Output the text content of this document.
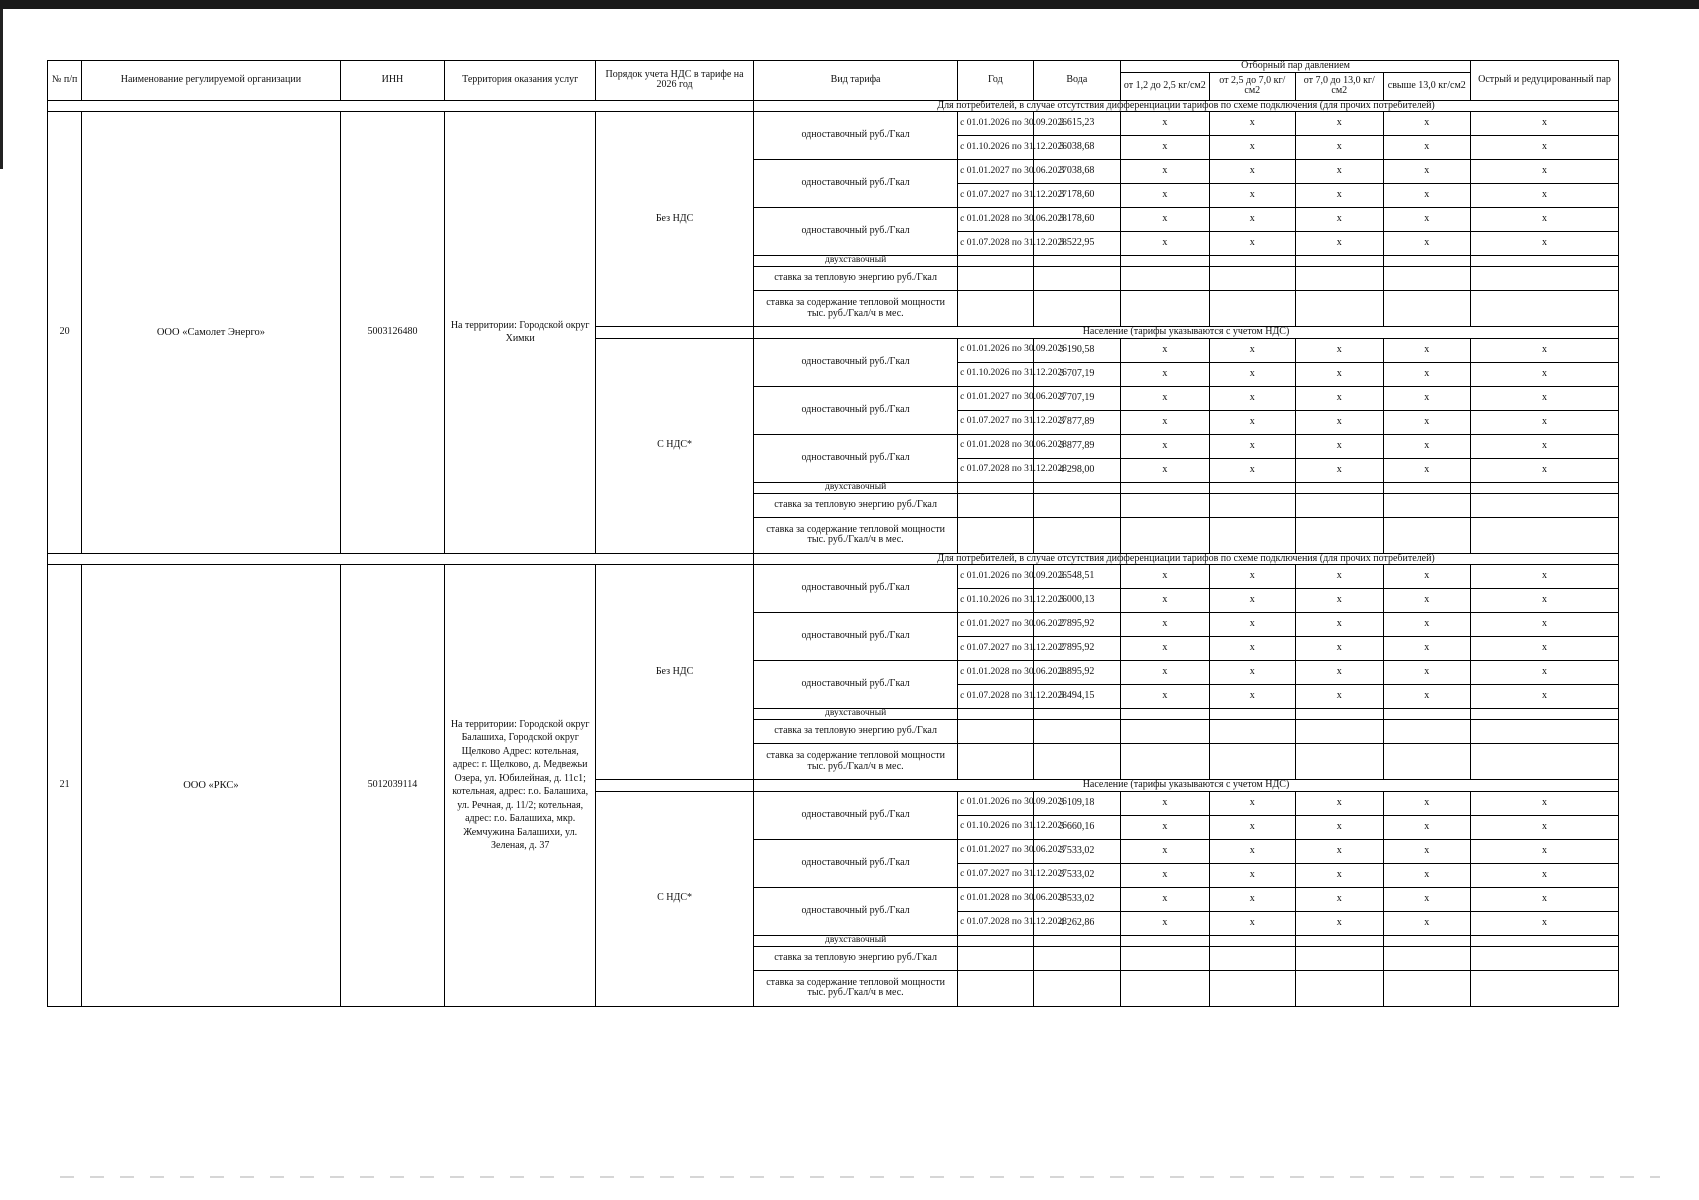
№ п/п	Наименование регулируемой организации	ИНН	Территория оказания услуг	Порядок учета НДС в тарифе на 2026 год	Вид тарифа	Год	Вода	Отборный пар давлением				Острый и редуцированный пар
								от 1,2 до 2,5 кг/см2	от 2,5 до 7,0 кг/см2	от 7,0 до 13,0 кг/см2	свыше 13,0 кг/см2	
					Для потребителей, в случае отсутствия дифференциации тарифов по схеме подключения (для прочих потребителей)							
20	ООО «Самолет Энерго»	5003126480	На территории: Городской округ Химки	Без НДС	одноставочный руб./Гкал	с 01.01.2026 по 30.09.2026	2 615,23	x	x	x	x	x
						с 01.10.2026 по 31.12.2026	3 038,68	x	x	x	x	x
					одноставочный руб./Гкал	с 01.01.2027 по 30.06.2027	3 038,68	x	x	x	x	x
						с 01.07.2027 по 31.12.2027	3 178,60	x	x	x	x	x
					одноставочный руб./Гкал	с 01.01.2028 по 30.06.2028	3 178,60	x	x	x	x	x
						с 01.07.2028 по 31.12.2028	3 522,95	x	x	x	x	x
					двухставочный							
					ставка за тепловую энергию руб./Гкал							
					ставка за содержание тепловой мощности тыс. руб./Гкал/ч в мес.							
					Население (тарифы указываются с учетом НДС)							
				С НДС*	одноставочный руб./Гкал	с 01.01.2026 по 30.09.2026	3 190,58	x	x	x	x	x
						с 01.10.2026 по 31.12.2026	3 707,19	x	x	x	x	x
					одноставочный руб./Гкал	с 01.01.2027 по 30.06.2027	3 707,19	x	x	x	x	x
						с 01.07.2027 по 31.12.2027	3 877,89	x	x	x	x	x
					одноставочный руб./Гкал	с 01.01.2028 по 30.06.2028	3 877,89	x	x	x	x	x
						с 01.07.2028 по 31.12.2028	4 298,00	x	x	x	x	x
					двухставочный							
					ставка за тепловую энергию руб./Гкал							
					ставка за содержание тепловой мощности тыс. руб./Гкал/ч в мес.							
					Для потребителей, в случае отсутствия дифференциации тарифов по схеме подключения (для прочих потребителей)							
21	ООО «РКС»	5012039114	На территории: Городской округ Балашиха, Городской округ Щелково Адрес: котельная, адрес: г. Щелково, д. Медвежьи Озера, ул. Юбилейная, д. 11с1; котельная, адрес: г.о. Балашиха, ул. Речная, д. 11/2; котельная, адрес: г.о. Балашиха, мкр. Жемчужина Балашихи, ул. Зеленая, д. 37	Без НДС	одноставочный руб./Гкал	с 01.01.2026 по 30.09.2026	2 548,51	x	x	x	x	x
						с 01.10.2026 по 31.12.2026	3 000,13	x	x	x	x	x
					одноставочный руб./Гкал	с 01.01.2027 по 30.06.2027	2 895,92	x	x	x	x	x
						с 01.07.2027 по 31.12.2027	2 895,92	x	x	x	x	x
					одноставочный руб./Гкал	с 01.01.2028 по 30.06.2028	2 895,92	x	x	x	x	x
						с 01.07.2028 по 31.12.2028	3 494,15	x	x	x	x	x
					двухставочный							
					ставка за тепловую энергию руб./Гкал							
					ставка за содержание тепловой мощности тыс. руб./Гкал/ч в мес.							
					Население (тарифы указываются с учетом НДС)							
				С НДС*	одноставочный руб./Гкал	с 01.01.2026 по 30.09.2026	3 109,18	x	x	x	x	x
						с 01.10.2026 по 31.12.2026	3 660,16	x	x	x	x	x
					одноставочный руб./Гкал	с 01.01.2027 по 30.06.2027	3 533,02	x	x	x	x	x
						с 01.07.2027 по 31.12.2027	3 533,02	x	x	x	x	x
					одноставочный руб./Гкал	с 01.01.2028 по 30.06.2028	3 533,02	x	x	x	x	x
						с 01.07.2028 по 31.12.2028	4 262,86	x	x	x	x	x
					двухставочный							
					ставка за тепловую энергию руб./Гкал							
					ставка за содержание тепловой мощности тыс. руб./Гкал/ч в мес.							
